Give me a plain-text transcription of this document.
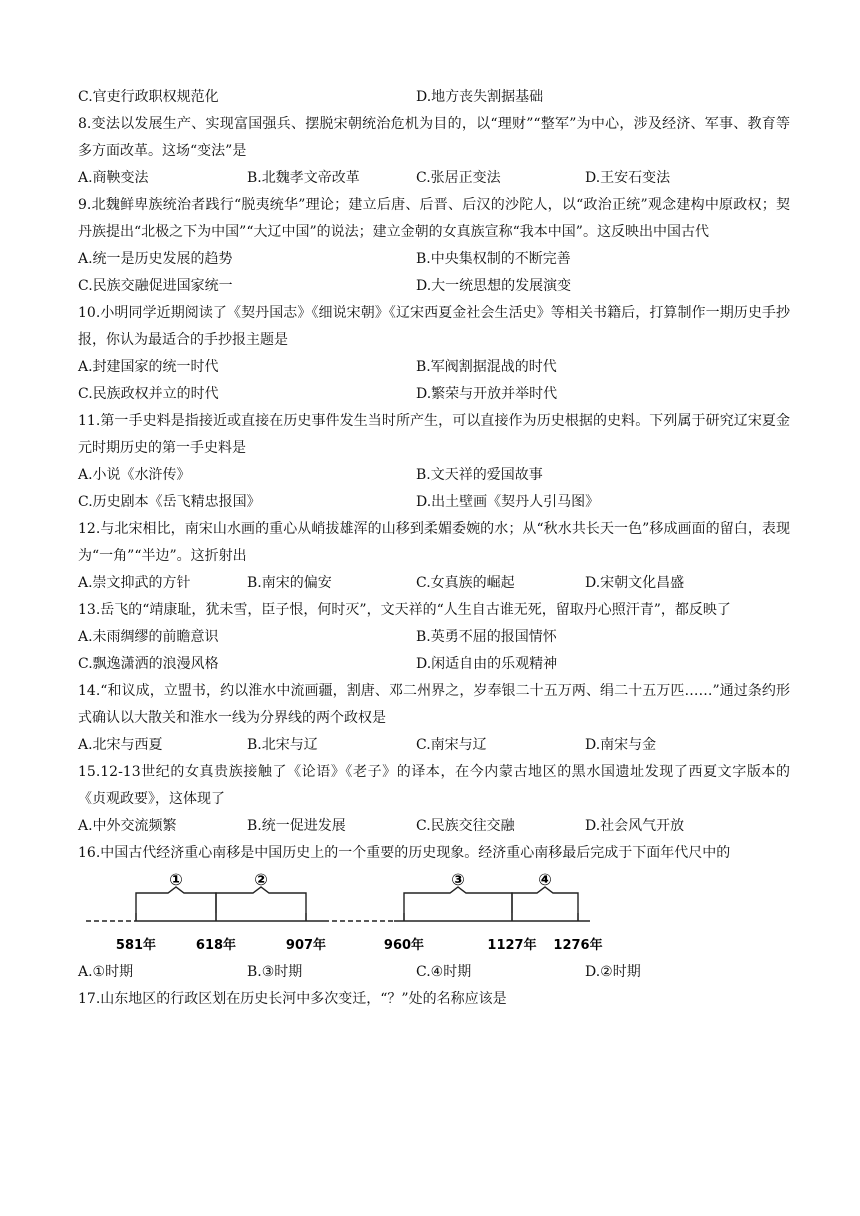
C.官吏行政职权规范化	D.地方丧失割据基础
8.变法以发展生产、实现富国强兵、摆脱宋朝统治危机为目的，以“理财”“整军”为中心，涉及经济、军事、教育等多方面改革。这场“变法”是
A.商鞅变法	B.北魏孝文帝改革	C.张居正变法	D.王安石变法
9.北魏鲜卑族统治者践行“脱夷统华”理论；建立后唐、后晋、后汉的沙陀人，以“政治正统”观念建构中原政权；契丹族提出“北极之下为中国”“大辽中国”的说法；建立金朝的女真族宣称“我本中国”。这反映出中国古代
A.统一是历史发展的趋势	B.中央集权制的不断完善
C.民族交融促进国家统一	D.大一统思想的发展演变
10.小明同学近期阅读了《契丹国志》《细说宋朝》《辽宋西夏金社会生活史》等相关书籍后，打算制作一期历史手抄报，你认为最适合的手抄报主题是
A.封建国家的统一时代	B.军阀割据混战的时代
C.民族政权并立的时代	D.繁荣与开放并举时代
11.第一手史料是指接近或直接在历史事件发生当时所产生，可以直接作为历史根据的史料。下列属于研究辽宋夏金元时期历史的第一手史料是
A.小说《水浒传》	B.文天祥的爱国故事
C.历史剧本《岳飞精忠报国》	D.出土壁画《契丹人引马图》
12.与北宋相比，南宋山水画的重心从峭拔雄浑的山移到柔媚委婉的水；从“秋水共长天一色”移成画面的留白，表现为“一角”“半边”。这折射出
A.崇文抑武的方针	B.南宋的偏安	C.女真族的崛起	D.宋朝文化昌盛
13.岳飞的“靖康耻，犹未雪，臣子恨，何时灭”，文天祥的“人生自古谁无死，留取丹心照汗青”，都反映了
A.未雨绸缪的前瞻意识	B.英勇不屈的报国情怀
C.飘逸潇洒的浪漫风格	D.闲适自由的乐观精神
14.“和议成，立盟书，约以淮水中流画疆，割唐、邓二州界之，岁奉银二十五万两、绢二十五万匹……”通过条约形式确认以大散关和淮水一线为分界线的两个政权是
A.北宋与西夏	B.北宋与辽	C.南宋与辽	D.南宋与金
15.12-13世纪的女真贵族接触了《论语》《老子》的译本，在今内蒙古地区的黑水国遗址发现了西夏文字版本的《贞观政要》，这体现了
A.中外交流频繁	B.统一促进发展	C.民族交往交融	D.社会风气开放
16.中国古代经济重心南移是中国历史上的一个重要的历史现象。经济重心南移最后完成于下面年代尺中的
①	②	③	④
581年	618年	907年	960年	1127年 1276年
A.①时期	B.③时期	C.④时期	D.②时期
17.山东地区的行政区划在历史长河中多次变迁，“？”处的名称应该是
